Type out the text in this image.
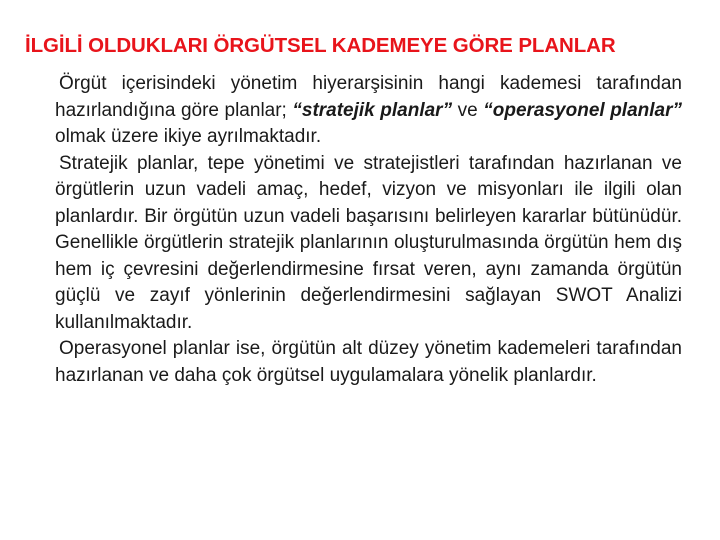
İLGİLİ OLDUKLARI ÖRGÜTSEL KADEMEYE GÖRE PLANLAR

Örgüt içerisindeki yönetim hiyerarşisinin hangi kademesi tarafından hazırlandığına göre planlar; “stratejik planlar” ve “operasyonel planlar” olmak üzere ikiye ayrılmaktadır.

Stratejik planlar, tepe yönetimi ve stratejistleri tarafından hazırlanan ve örgütlerin uzun vadeli amaç, hedef, vizyon ve misyonları ile ilgili olan planlardır. Bir örgütün uzun vadeli başarısını belirleyen kararlar bütünüdür. Genellikle örgütlerin stratejik planlarının oluşturulmasında örgütün hem dış hem iç çevresini değerlendirmesine fırsat veren, aynı zamanda örgütün güçlü ve zayıf yönlerinin değerlendirmesini sağlayan SWOT Analizi kullanılmaktadır.

Operasyonel planlar ise, örgütün alt düzey yönetim kademeleri tarafından hazırlanan ve daha çok örgütsel uygulamalara yönelik planlardır.
